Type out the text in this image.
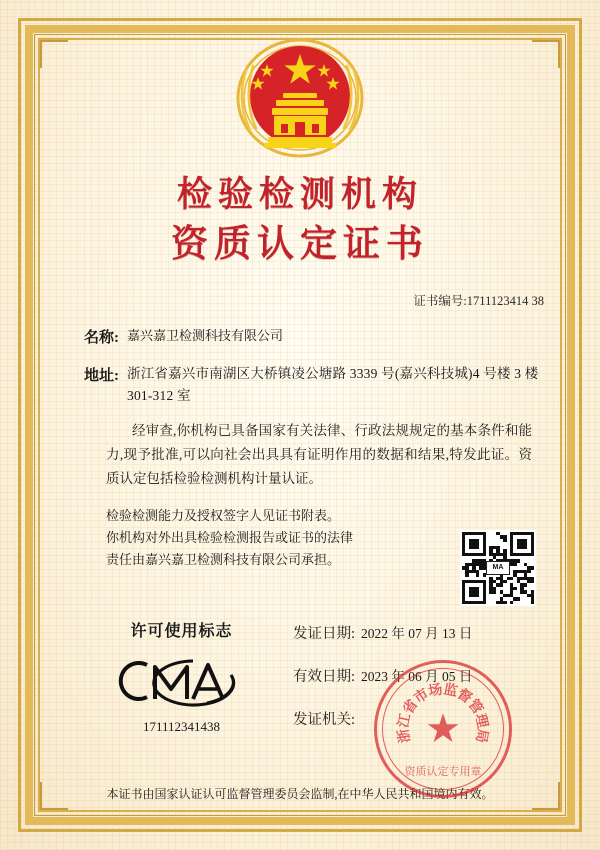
检验检测机构
资质认定证书
证书编号:1711123414 38
名称: 嘉兴嘉卫检测科技有限公司
地址: 浙江省嘉兴市南湖区大桥镇凌公塘路 3339 号(嘉兴科技城)4 号楼 3 楼 301-312 室
经审查,你机构已具备国家有关法律、行政法规规定的基本条件和能力,现予批准,可以向社会出具具有证明作用的数据和结果,特发此证。资质认定包括检验检测机构计量认证。
检验检测能力及授权签字人见证书附表。
你机构对外出具检验检测报告或证书的法律
责任由嘉兴嘉卫检测科技有限公司承担。
MA
许可使用标志
171112341438
发证日期: 2022 年 07 月 13 日
有效日期: 2023 年 06 月 05 日
发证机关: ★
浙
江
省
市
场
监
督
管
理
局
资质认定专用章
本证书由国家认证认可监督管理委员会监制,在中华人民共和国境内有效。
